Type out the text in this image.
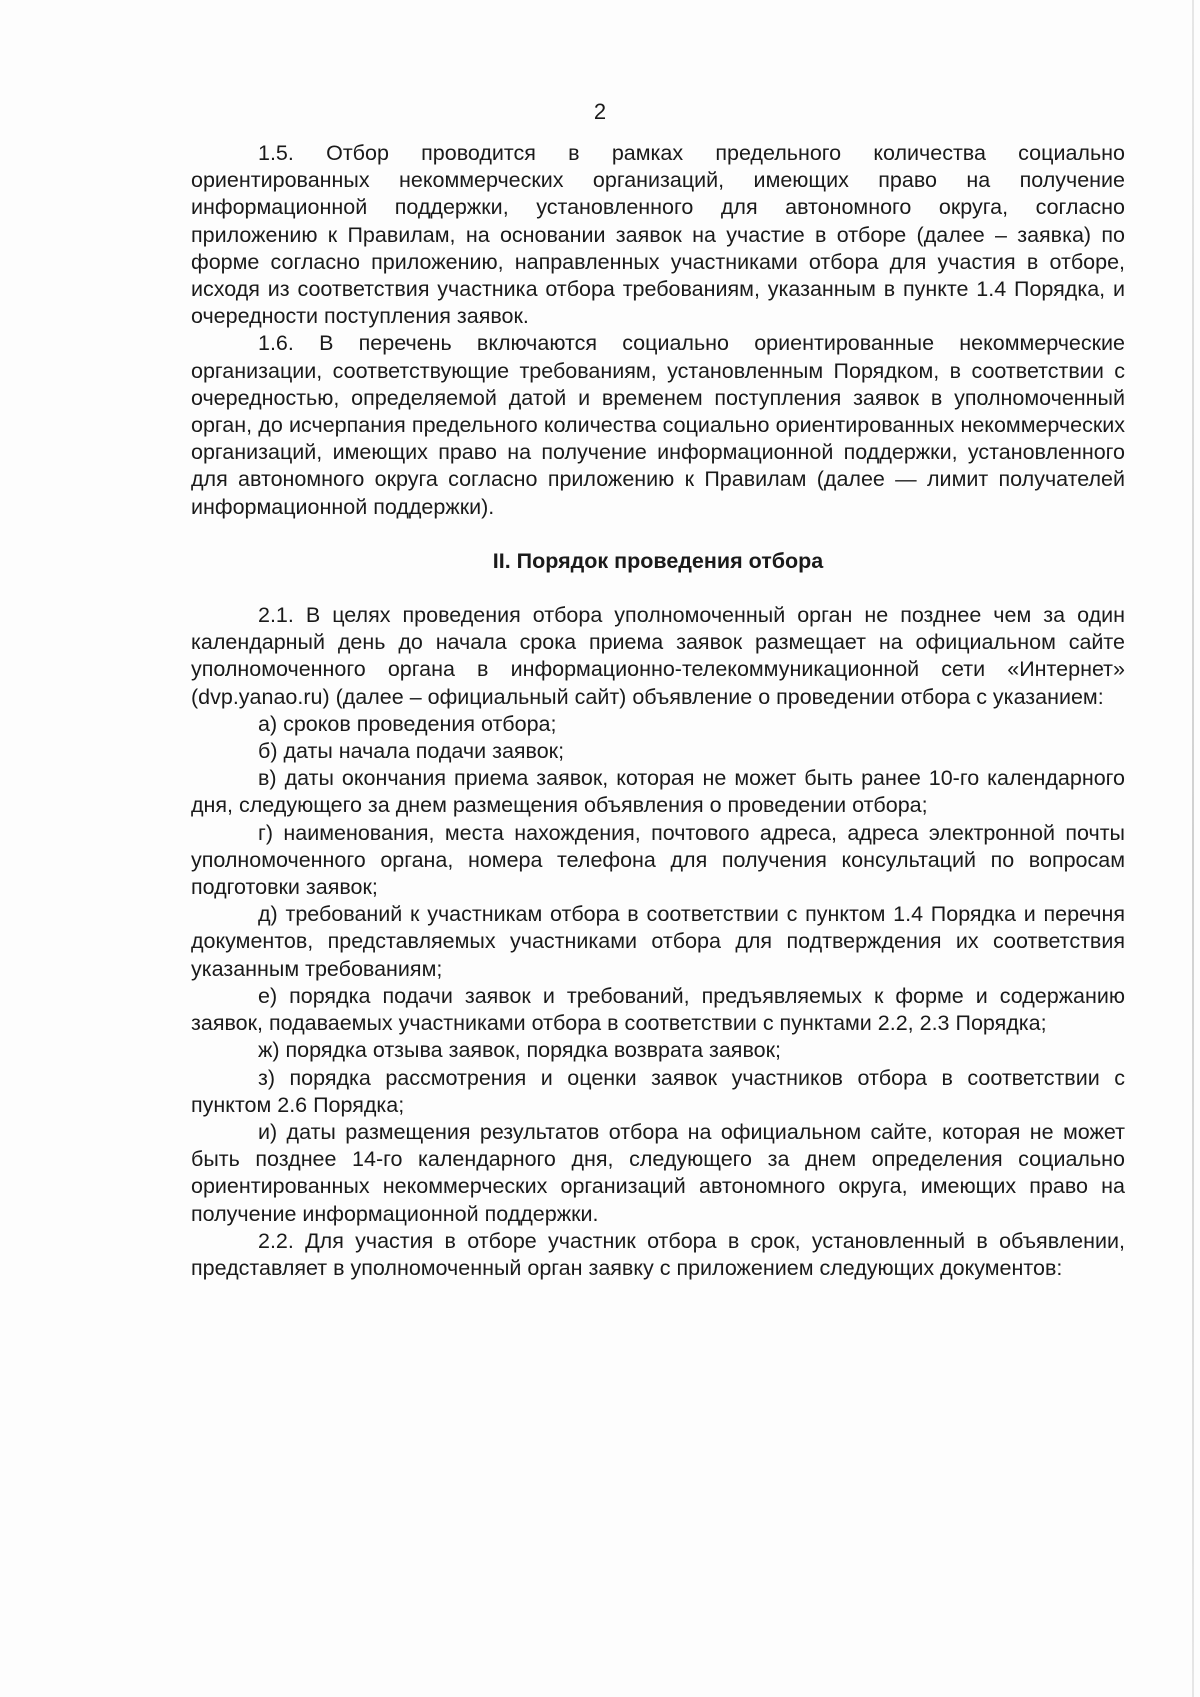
2

1.5. Отбор проводится в рамках предельного количества социально ориентированных некоммерческих организаций, имеющих право на получение информационной поддержки, установленного для автономного округа, согласно приложению к Правилам, на основании заявок на участие в отборе (далее – заявка) по форме согласно приложению, направленных участниками отбора для участия в отборе, исходя из соответствия участника отбора требованиям, указанным в пункте 1.4 Порядка, и очередности поступления заявок.

1.6. В перечень включаются социально ориентированные некоммерческие организации, соответствующие требованиям, установленным Порядком, в соответствии с очередностью, определяемой датой и временем поступления заявок в уполномоченный орган, до исчерпания предельного количества социально ориентированных некоммерческих организаций, имеющих право на получение информационной поддержки, установленного для автономного округа согласно приложению к Правилам (далее — лимит получателей информационной поддержки).

II. Порядок проведения отбора

2.1. В целях проведения отбора уполномоченный орган не позднее чем за один календарный день до начала срока приема заявок размещает на официальном сайте уполномоченного органа в информационно-телекоммуникационной сети «Интернет» (dvp.yanao.ru) (далее – официальный сайт) объявление о проведении отбора с указанием:

а) сроков проведения отбора;

б) даты начала подачи заявок;

в) даты окончания приема заявок, которая не может быть ранее 10-го календарного дня, следующего за днем размещения объявления о проведении отбора;

г) наименования, места нахождения, почтового адреса, адреса электронной почты уполномоченного органа, номера телефона для получения консультаций по вопросам подготовки заявок;

д) требований к участникам отбора в соответствии с пунктом 1.4 Порядка и перечня документов, представляемых участниками отбора для подтверждения их соответствия указанным требованиям;

е) порядка подачи заявок и требований, предъявляемых к форме и содержанию заявок, подаваемых участниками отбора в соответствии с пунктами 2.2, 2.3 Порядка;

ж) порядка отзыва заявок, порядка возврата заявок;

з) порядка рассмотрения и оценки заявок участников отбора в соответствии с пунктом 2.6 Порядка;

и) даты размещения результатов отбора на официальном сайте, которая не может быть позднее 14-го календарного дня, следующего за днем определения социально ориентированных некоммерческих организаций автономного округа, имеющих право на получение информационной поддержки.

2.2. Для участия в отборе участник отбора в срок, установленный в объявлении, представляет в уполномоченный орган заявку с приложением следующих документов:
